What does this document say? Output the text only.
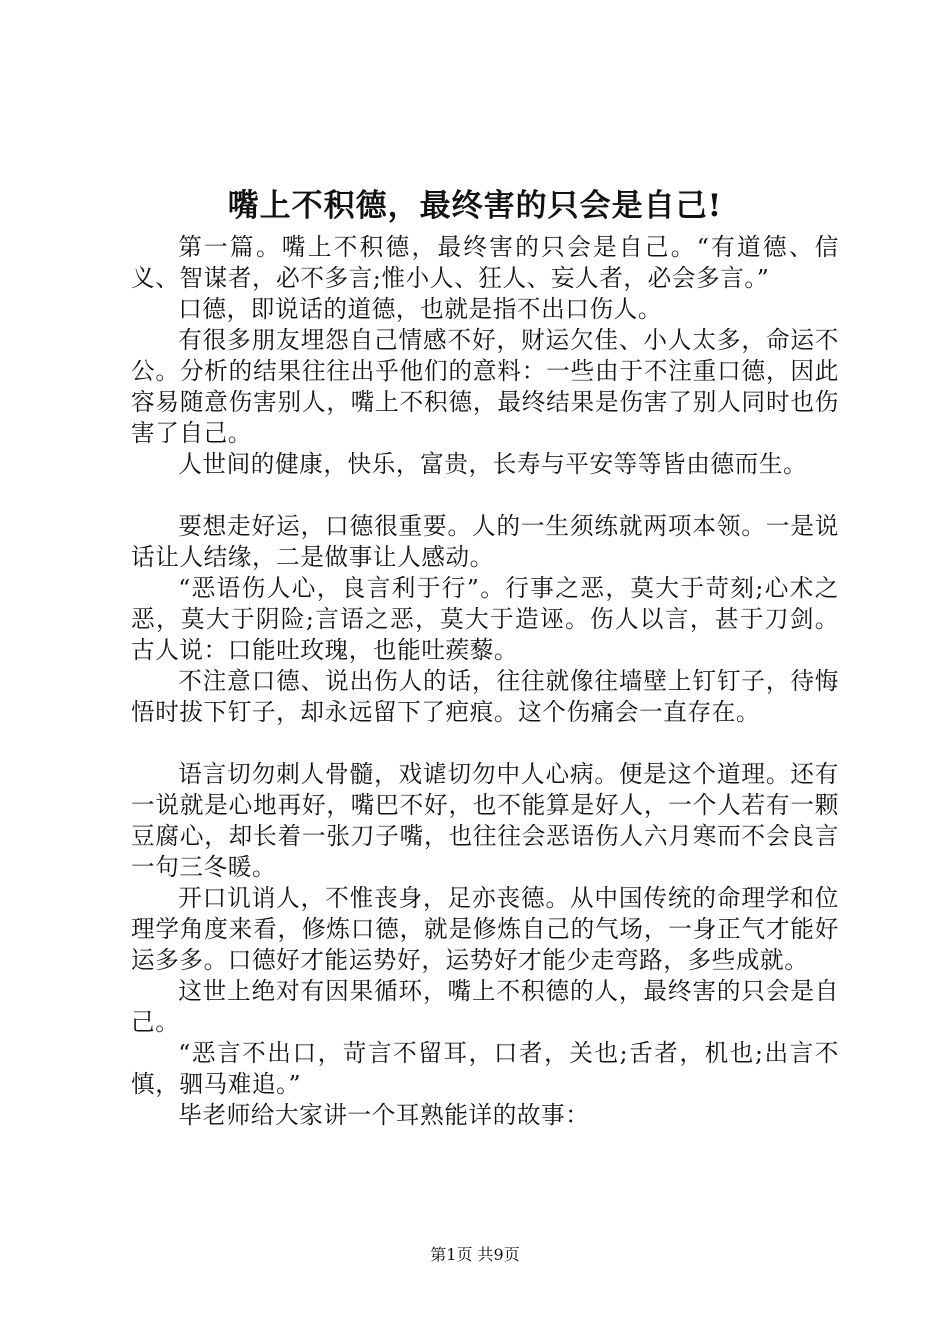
嘴上不积德，最终害的只会是自己!

第一篇。嘴上不积德，最终害的只会是自己。“有道德、信义、智谋者，必不多言;惟小人、狂人、妄人者，必会多言。”

口德，即说话的道德，也就是指不出口伤人。

有很多朋友埋怨自己情感不好，财运欠佳、小人太多，命运不公。分析的结果往往出乎他们的意料：一些由于不注重口德，因此容易随意伤害别人，嘴上不积德，最终结果是伤害了别人同时也伤害了自己。

人世间的健康，快乐，富贵，长寿与平安等等皆由德而生。

要想走好运，口德很重要。人的一生须练就两项本领。一是说话让人结缘，二是做事让人感动。

“恶语伤人心，良言利于行”。行事之恶，莫大于苛刻;心术之恶，莫大于阴险;言语之恶，莫大于造诬。伤人以言，甚于刀剑。古人说：口能吐玫瑰，也能吐蒺藜。

不注意口德、说出伤人的话，往往就像往墙壁上钉钉子，待悔悟时拔下钉子，却永远留下了疤痕。这个伤痛会一直存在。

语言切勿刺人骨髓，戏谑切勿中人心病。便是这个道理。还有一说就是心地再好，嘴巴不好，也不能算是好人，一个人若有一颗豆腐心，却长着一张刀子嘴，也往往会恶语伤人六月寒而不会良言一句三冬暖。

开口讥诮人，不惟丧身，足亦丧德。从中国传统的命理学和位理学角度来看，修炼口德，就是修炼自己的气场，一身正气才能好运多多。口德好才能运势好，运势好才能少走弯路，多些成就。

这世上绝对有因果循环，嘴上不积德的人，最终害的只会是自己。

“恶言不出口，苛言不留耳，口者，关也;舌者，机也;出言不慎，驷马难追。”

毕老师给大家讲一个耳熟能详的故事：

第1页 共9页
